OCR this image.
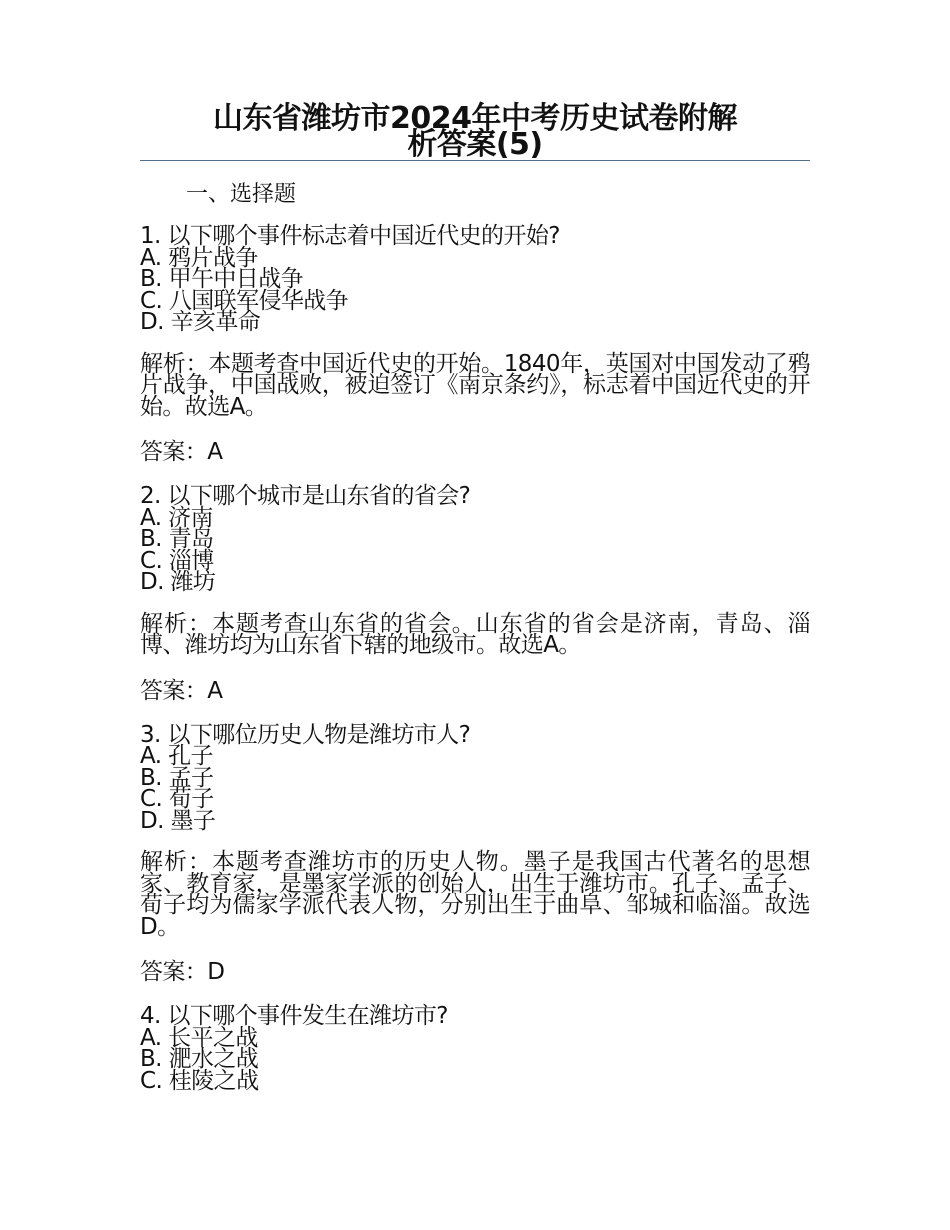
山东省潍坊市2024年中考历史试卷附解
析答案(5)
一、选择题

1. 以下哪个事件标志着中国近代史的开始?

A. 鸦片战争

B. 甲午中日战争

C. 八国联军侵华战争

D. 辛亥革命

解析：本题考查中国近代史的开始。1840年，英国对中国发动了鸦片战争，中国战败，被迫签订《南京条约》，标志着中国近代史的开始。故选A。

答案：A

2. 以下哪个城市是山东省的省会?

A. 济南

B. 青岛

C. 淄博

D. 潍坊

解析：本题考查山东省的省会。山东省的省会是济南，青岛、淄博、潍坊均为山东省下辖的地级市。故选A。

答案：A

3. 以下哪位历史人物是潍坊市人?

A. 孔子

B. 孟子

C. 荀子

D. 墨子

解析：本题考查潍坊市的历史人物。墨子是我国古代著名的思想家、教育家，是墨家学派的创始人，出生于潍坊市。孔子、孟子、荀子均为儒家学派代表人物，分别出生于曲阜、邹城和临淄。故选D。

答案：D

4. 以下哪个事件发生在潍坊市?

A. 长平之战

B. 淝水之战

C. 桂陵之战
